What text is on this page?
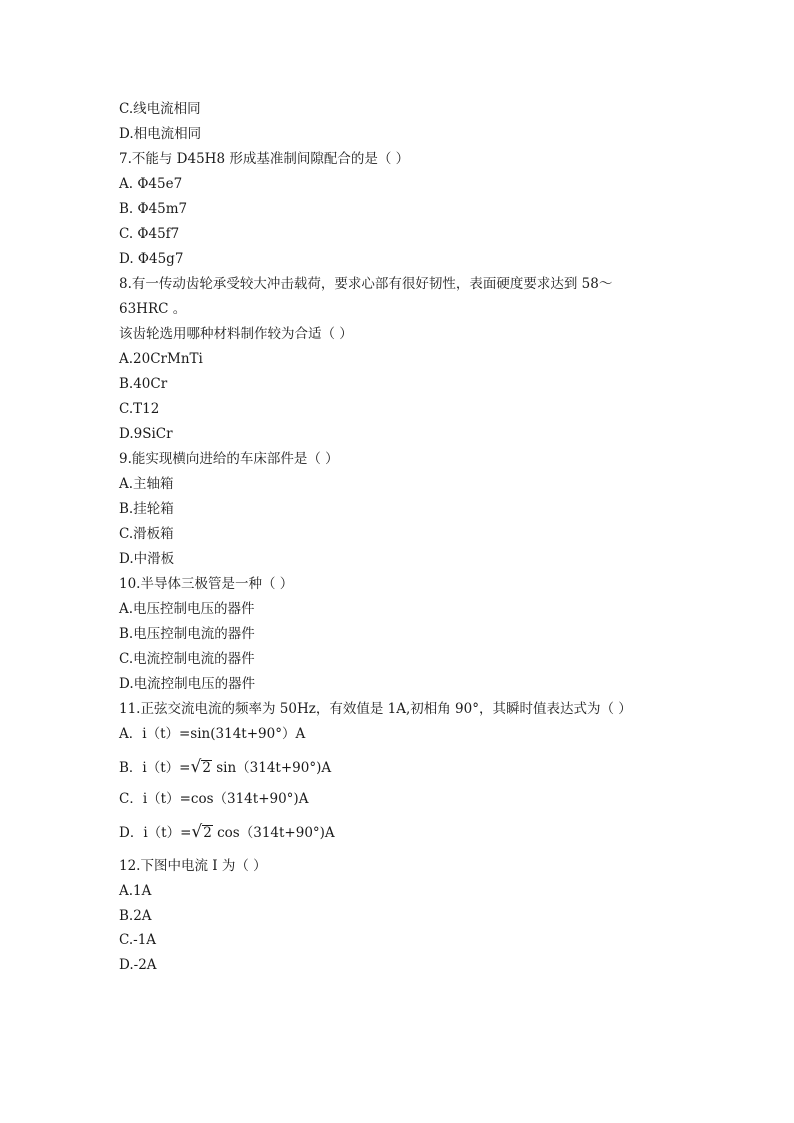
C.线电流相同
D.相电流相同
7.不能与 D45H8 形成基准制间隙配合的是（ ）
A. Φ45e7
B. Φ45m7
C. Φ45f7
D. Φ45g7
8.有一传动齿轮承受较大冲击载荷，要求心部有很好韧性，表面硬度要求达到 58～
63HRC 。
该齿轮选用哪种材料制作较为合适（ ）
A.20CrMnTi
B.40Cr
C.T12
D.9SiCr
9.能实现横向进给的车床部件是（ ）
A.主轴箱
B.挂轮箱
C.滑板箱
D.中滑板
10.半导体三极管是一种（ ）
A.电压控制电压的器件
B.电压控制电流的器件
C.电流控制电流的器件
D.电流控制电压的器件
11.正弦交流电流的频率为 50Hz，有效值是 1A,初相角 90°，其瞬时值表达式为（ ）
A．i（t）=sin(314t+90°）A
B．i（t）=√2 sin（314t+90°)A
C．i（t）=cos（314t+90°)A
D．i（t）=√2 cos（314t+90°)A
12.下图中电流 I 为（ ）
A.1A
B.2A
C.-1A
D.-2A
